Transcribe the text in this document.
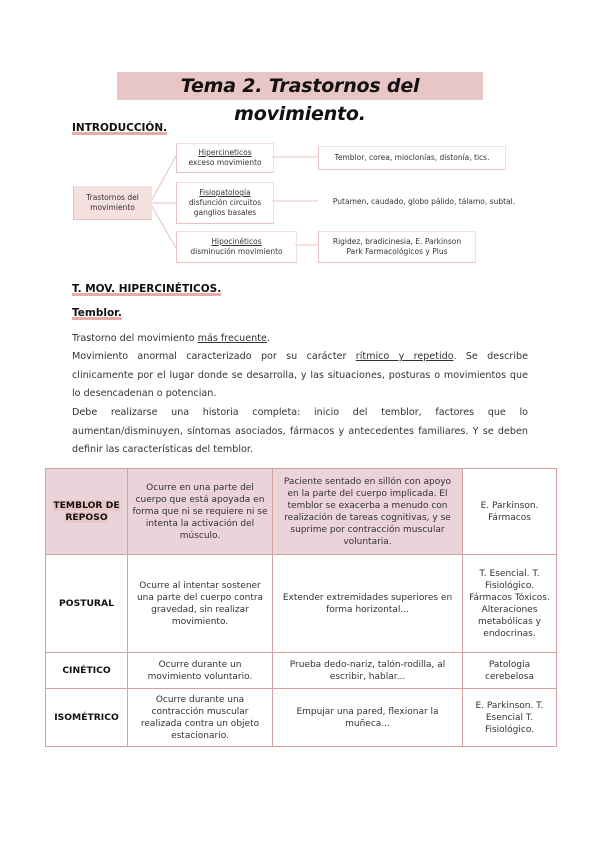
Tema 2. Trastornos del movimiento.
INTRODUCCIÓN.
Trastornos del movimiento
Hipercineticos
exceso movimiento
Fisiopatología
disfunción circuitos ganglios basales
Hipocinéticos
disminución movimiento
Temblor, corea, mioclonías, distonía, tics.
Putamen, caudado, globo pálido, tálamo, subtal.
Rigidez, bradicinesia, E. Parkinson
Park Farmacológicos y Plus
T. MOV. HIPERCINÉTICOS.
Temblor.
Trastorno del movimiento más frecuente.
Movimiento anormal caracterizado por su carácter rítmico y repetido. Se describe clinicamente por el lugar donde se desarrolla, y las situaciones, posturas o movimientos que lo desencadenan o potencian.
Debe realizarse una historia completa: inicio del temblor, factores que lo aumentan/disminuyen, síntomas asociados, fármacos y antecedentes familiares. Y se deben definir las características del temblor.
TEMBLOR DE REPOSO	Ocurre en una parte del cuerpo que está apoyada en forma que ni se requiere ni se intenta la activación del músculo.	Paciente sentado en sillón con apoyo en la parte del cuerpo implicada. El temblor se exacerba a menudo con realización de tareas cognitivas, y se suprime por contracción muscular voluntaria.	E. Parkinson. Fármacos
POSTURAL	Ocurre al intentar sostener una parte del cuerpo contra gravedad, sin realizar movimiento.	Extender extremidades superiores en forma horizontal...	T. Esencial. T. Fisiológico. Fármacos Tóxicos. Alteraciones metabólicas y endocrinas.
CINÉTICO	Ocurre durante un movimiento voluntario.	Prueba dedo-nariz, talón-rodilla, al escribir, hablar...	Patologia cerebelosa
ISOMÉTRICO	Ocurre durante una contracción muscular realizada contra un objeto estacionario.	Empujar una pared, flexionar la muñeca...	E. Parkinson. T. Esencial T. Fisiológico.
